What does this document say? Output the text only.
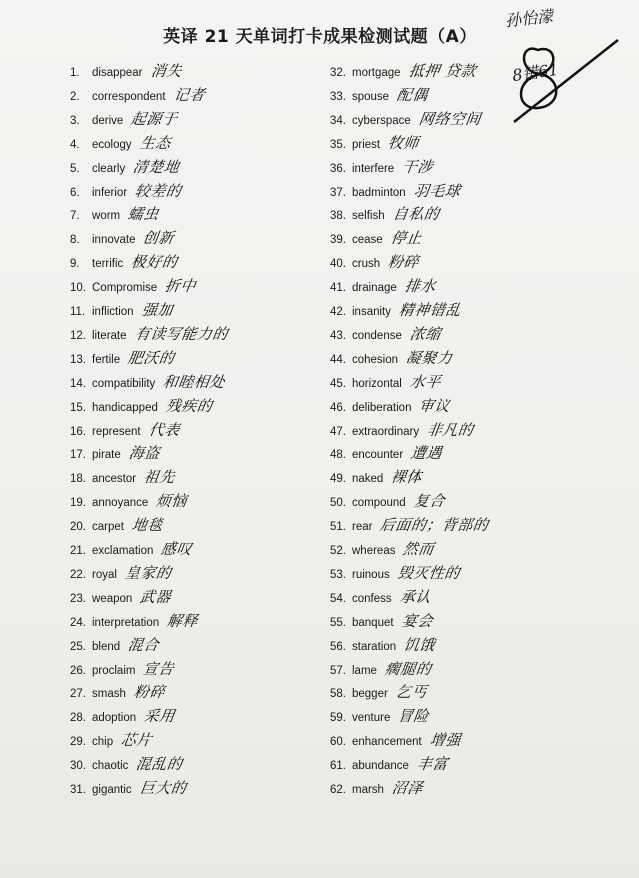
英译 21 天单词打卡成果检测试题（A）
孙怡濛
8错61
1.	disappear 消失
2.	correspondent 记者
3.	derive 起源于
4.	ecology 生态
5.	clearly 清楚地
6.	inferior 较差的
7.	worm 蠕虫
8.	innovate 创新
9.	terrific 极好的
10. Compromise 折中
11. infliction 强加
12. literate 有读写能力的
13. fertile 肥沃的
14. compatibility 和睦相处
15. handicapped 残疾的
16. represent 代表
17. pirate 海盗
18. ancestor 祖先
19. annoyance 烦恼
20. carpet 地毯
21. exclamation 感叹
22. royal 皇家的
23. weapon 武器
24. interpretation 解释
25. blend 混合
26. proclaim 宣告
27. smash 粉碎
28. adoption 采用
29. chip 芯片
30. chaotic 混乱的
31. gigantic 巨大的
32. mortgage 抵押 贷款
33. spouse 配偶
34. cyberspace 网络空间
35. priest 牧师
36. interfere 干涉
37. badminton 羽毛球
38. selfish 自私的
39. cease 停止
40. crush 粉碎
41. drainage 排水
42. insanity 精神错乱
43. condense 浓缩
44. cohesion 凝聚力
45. horizontal 水平
46. deliberation 审议
47. extraordinary 非凡的
48. encounter 遭遇
49. naked 裸体
50. compound 复合
51. rear 后面的；背部的
52. whereas 然而
53. ruinous 毁灭性的
54. confess 承认
55. banquet 宴会
56. staration 饥饿
57. lame 瘸腿的
58. begger 乞丐
59. venture 冒险
60. enhancement 增强
61. abundance 丰富
62. marsh 沼泽
